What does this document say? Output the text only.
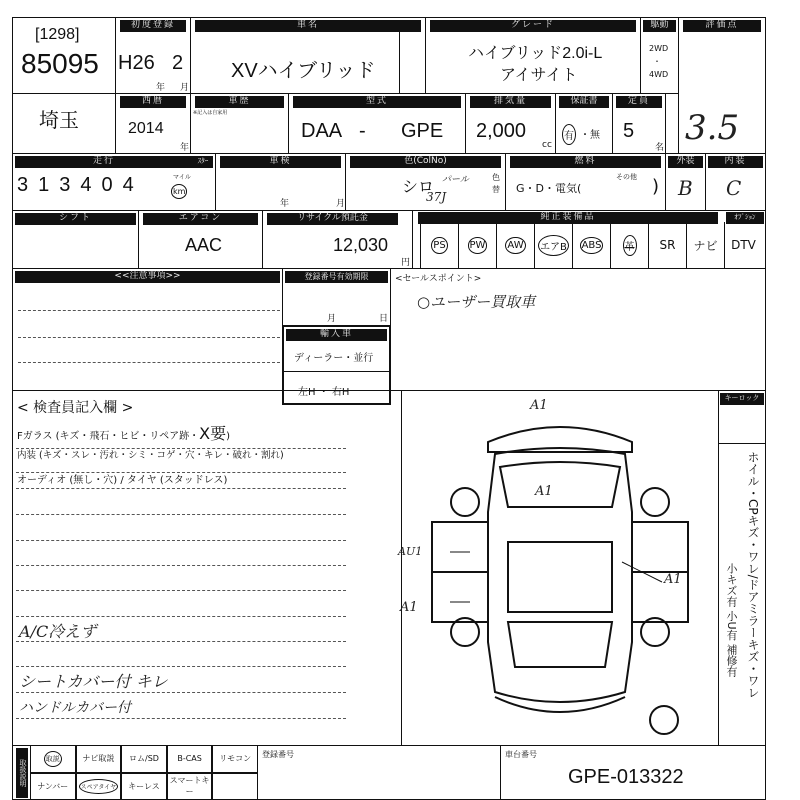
[1298]
85095
初度登録
H26 2
年 月
車名
XVハイブリッド
グレード
ハイブリッド2.0i-L
アイサイト
駆動
2WD
・
4WD
評価点
3.5
埼玉
西暦
2014
年
車歴
※記入は自家用
型式
DAA - GPE
排気量
2,000
cc
保証書
有 ・ 無
定員
5
名
走行	ｽﾀｰ
3 1 3 4 0 4	マイル
km
車検
年	月
色(ColNo)
シロ パール
37J
色替
燃料
G・D・電気(
その他 )
外装
B
内装
C
シフト	エアコン
AAC
リサイクル預託金
12,030
円
純正装備品	ｵﾌﾟｼｮﾝ
PS PW AW エアB ABS 革 SR ナビ DTV
<<注意事項>>	登録番号有効期限
月	日
輸入車
ディーラー・並行
左H ・ 右H
<セールスポイント>
○ユーザー買取車
< 検査員記入欄 >
Fガラス (キズ・飛石・ヒビ・リペア跡・X要)
内装 (キズ・スレ・汚れ・シミ・コゲ・穴・キレ・破れ・割れ)
オーディオ (無し・穴) / タイヤ (スタッドレス)
A/C冷えず
シートカバー付 キレ
ハンドルカバー付
A1
A1
AU1
A1
A1
キーロック
ホイル・CPキズ・ワレ/ドアミラーキズ・ワレ
小キズ有 小U有 補修有
取扱説明
取説	ナビ取説	ロム/SD	B-CAS	リモコン
ナンバー	スペアタイヤ	キーレス
スマートキー
登録番号	車台番号
GPE-013322
